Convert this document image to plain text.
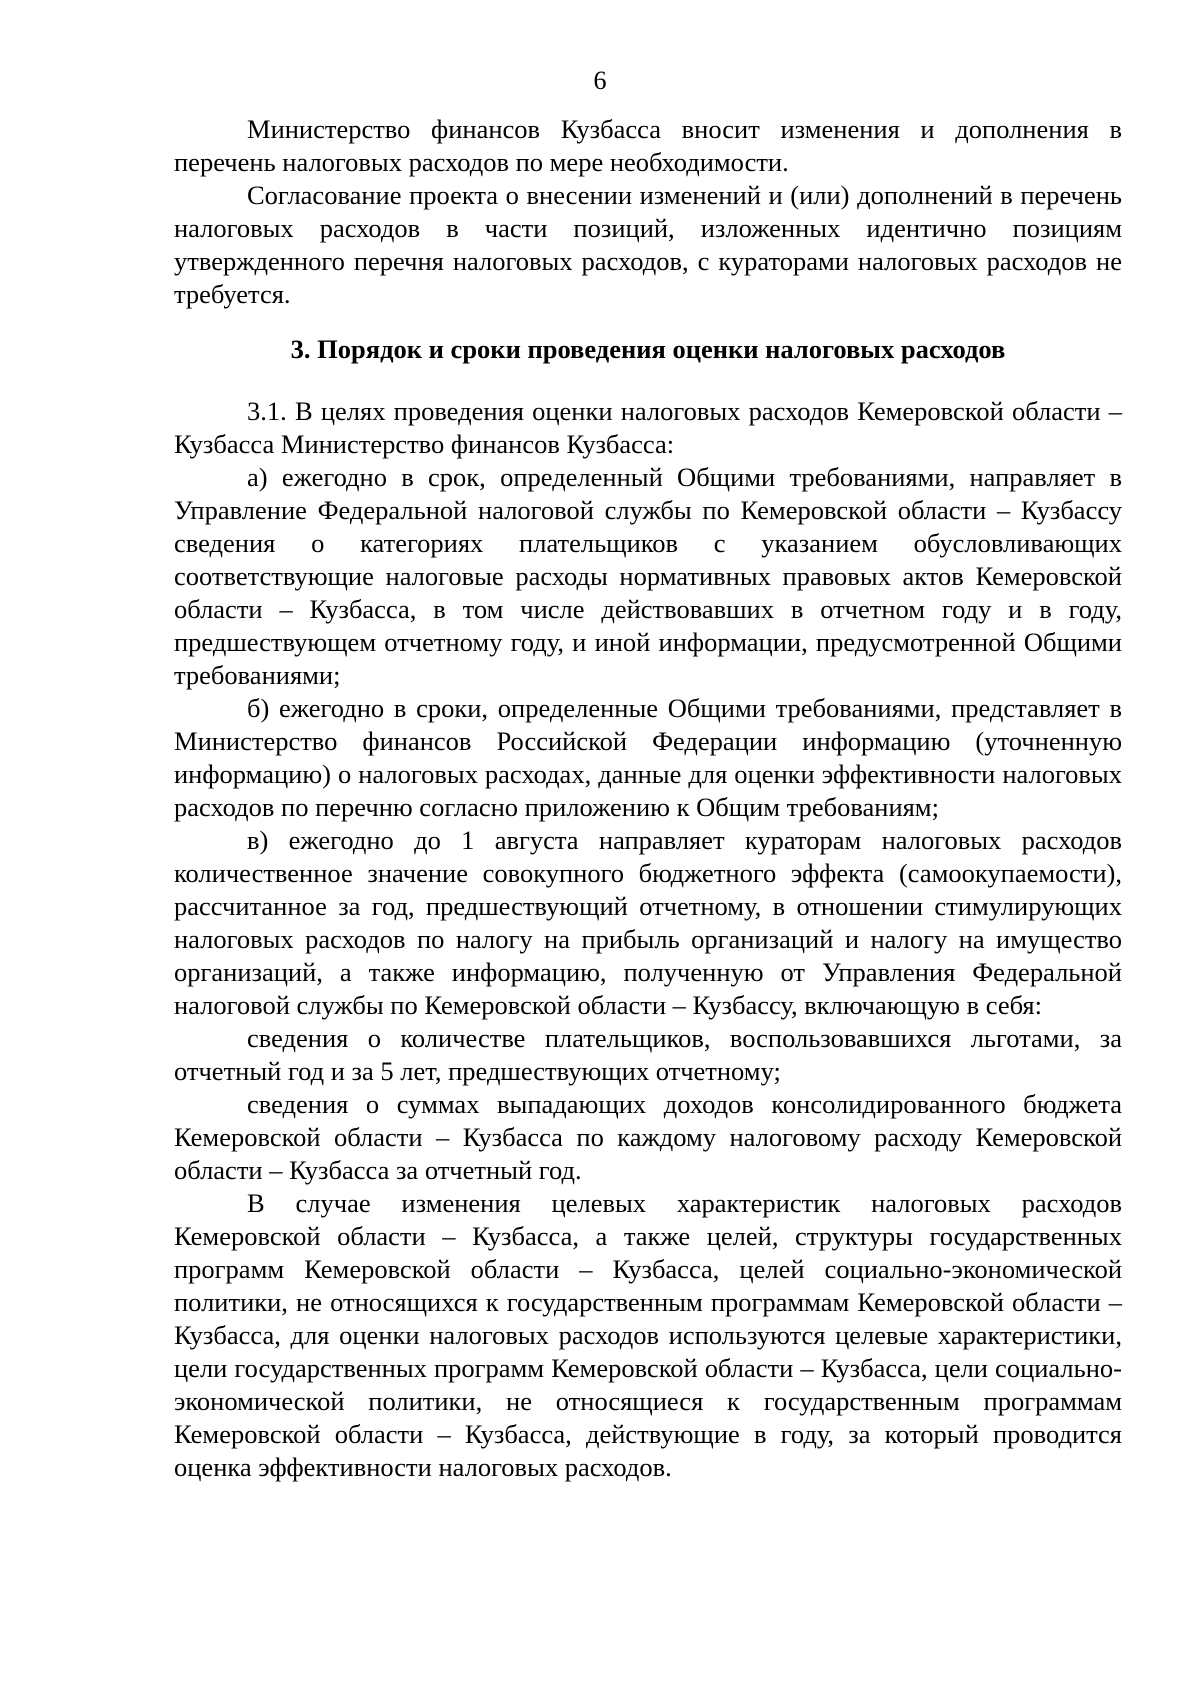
6

Министерство финансов Кузбасса вносит изменения и дополнения в перечень налоговых расходов по мере необходимости.

Согласование проекта о внесении изменений и (или) дополнений в перечень налоговых расходов в части позиций, изложенных идентично позициям утвержденного перечня налоговых расходов, с кураторами налоговых расходов не требуется.

3. Порядок и сроки проведения оценки налоговых расходов

3.1. В целях проведения оценки налоговых расходов Кемеровской области – Кузбасса Министерство финансов Кузбасса:

а) ежегодно в срок, определенный Общими требованиями, направляет в Управление Федеральной налоговой службы по Кемеровской области – Кузбассу сведения о категориях плательщиков с указанием обусловливающих соответствующие налоговые расходы нормативных правовых актов Кемеровской области – Кузбасса, в том числе действовавших в отчетном году и в году, предшествующем отчетному году, и иной информации, предусмотренной Общими требованиями;

б) ежегодно в сроки, определенные Общими требованиями, представляет в Министерство финансов Российской Федерации информацию (уточненную информацию) о налоговых расходах, данные для оценки эффективности налоговых расходов по перечню согласно приложению к Общим требованиям;

в) ежегодно до 1 августа направляет кураторам налоговых расходов количественное значение совокупного бюджетного эффекта (самоокупаемости), рассчитанное за год, предшествующий отчетному, в отношении стимулирующих налоговых расходов по налогу на прибыль организаций и налогу на имущество организаций, а также информацию, полученную от Управления Федеральной налоговой службы по Кемеровской области – Кузбассу, включающую в себя:

сведения о количестве плательщиков, воспользовавшихся льготами, за отчетный год и за 5 лет, предшествующих отчетному;

сведения о суммах выпадающих доходов консолидированного бюджета Кемеровской области – Кузбасса по каждому налоговому расходу Кемеровской области – Кузбасса за отчетный год.

В случае изменения целевых характеристик налоговых расходов Кемеровской области – Кузбасса, а также целей, структуры государственных программ Кемеровской области – Кузбасса, целей социально-экономической политики, не относящихся к государственным программам Кемеровской области – Кузбасса, для оценки налоговых расходов используются целевые характеристики, цели государственных программ Кемеровской области – Кузбасса, цели социально-экономической политики, не относящиеся к государственным программам Кемеровской области – Кузбасса, действующие в году, за который проводится оценка эффективности налоговых расходов.
